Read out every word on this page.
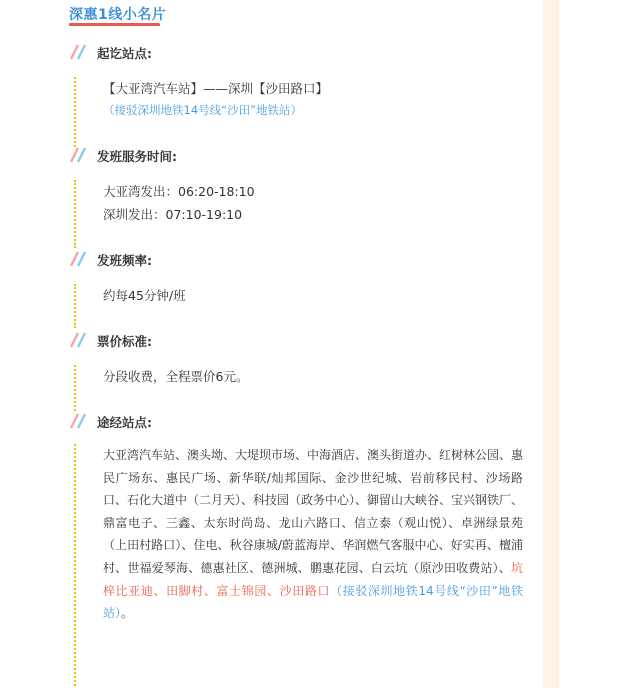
深惠1线小名片
起讫站点:
【大亚湾汽车站】——深圳【沙田路口】
（接驳深圳地铁14号线“沙田”地铁站）
发班服务时间:
大亚湾发出：06:20-18:10
深圳发出：07:10-19:10
发班频率:
约每45分钟/班
票价标准:
分段收费，全程票价6元。
途经站点:
大亚湾汽车站、澳头坳、大堤坝市场、中海酒店、澳头街道办、红树林公园、惠民广场东、惠民广场、新华联/灿邦国际、金沙世纪城、岩前移民村、沙场路口、石化大道中（二月天）、科技园（政务中心）、御留山大峡谷、宝兴钢铁厂、鼎富电子、三鑫、太东时尚岛、龙山六路口、信立泰（观山悦）、卓洲绿景苑（上田村路口）、住电、秋谷康城/蔚蓝海岸、华润燃气客服中心、好实再、檀浦村、世福爱琴海、德惠社区、德洲城、鹏惠花园、白云坑（原沙田收费站）、坑梓比亚迪、田脚村、富士锦园、沙田路口（接驳深圳地铁14号线“沙田”地铁站）。
